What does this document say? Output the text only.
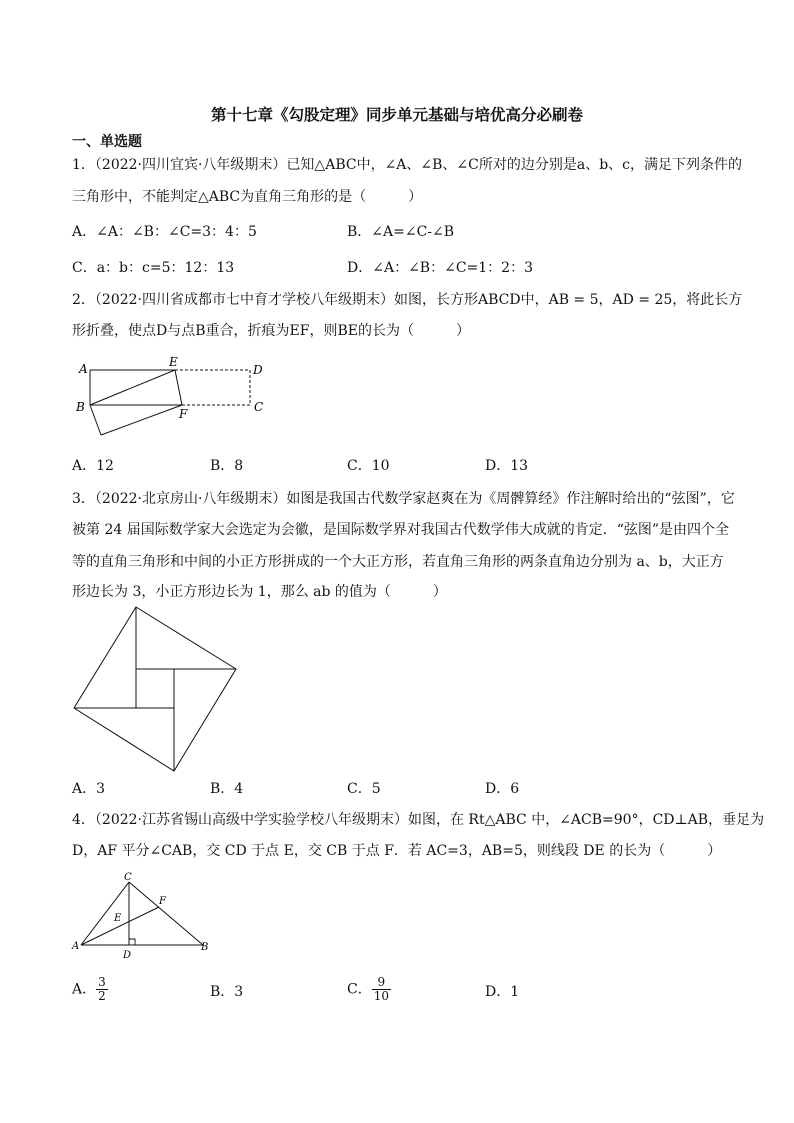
第十七章《勾股定理》同步单元基础与培优高分必刷卷
一、单选题
1．（2022·四川宜宾·八年级期末）已知△ABC中，∠A、∠B、∠C所对的边分别是a、b、c，满足下列条件的
三角形中，不能判定△ABC为直角三角形的是（　　　）
A．∠A：∠B：∠C=3：4：5	B．∠A=∠C-∠B
C．a：b：c=5：12：13	D．∠A：∠B：∠C=1：2：3
2．（2022·四川省成都市七中育才学校八年级期末）如图，长方形ABCD中，AB = 5，AD = 25，将此长方
形折叠，使点D与点B重合，折痕为EF，则BE的长为（　　　）
A
B	C
D
E
F
A．12	B．8	C．10	D．13
3．（2022·北京房山·八年级期末）如图是我国古代数学家赵爽在为《周髀算经》作注解时给出的“弦图”，它
被第 24 届国际数学家大会选定为会徽，是国际数学界对我国古代数学伟大成就的肯定．“弦图”是由四个全
等的直角三角形和中间的小正方形拼成的一个大正方形，若直角三角形的两条直角边分别为 a、b，大正方
形边长为 3，小正方形边长为 1，那么 ab 的值为（　　　）
A．3	B．4	C．5	D．6
4．（2022·江苏省锡山高级中学实验学校八年级期末）如图，在 Rt△ABC 中，∠ACB=90°，CD⊥AB，垂足为
D，AF 平分∠CAB，交 CD 于点 E，交 CB 于点 F．若 AC=3，AB=5，则线段 DE 的长为（　　　）
C
A	B
D
E
F
A． $\frac{3}{2}$	B．3	C． $\frac{9}{10}$	D．1
